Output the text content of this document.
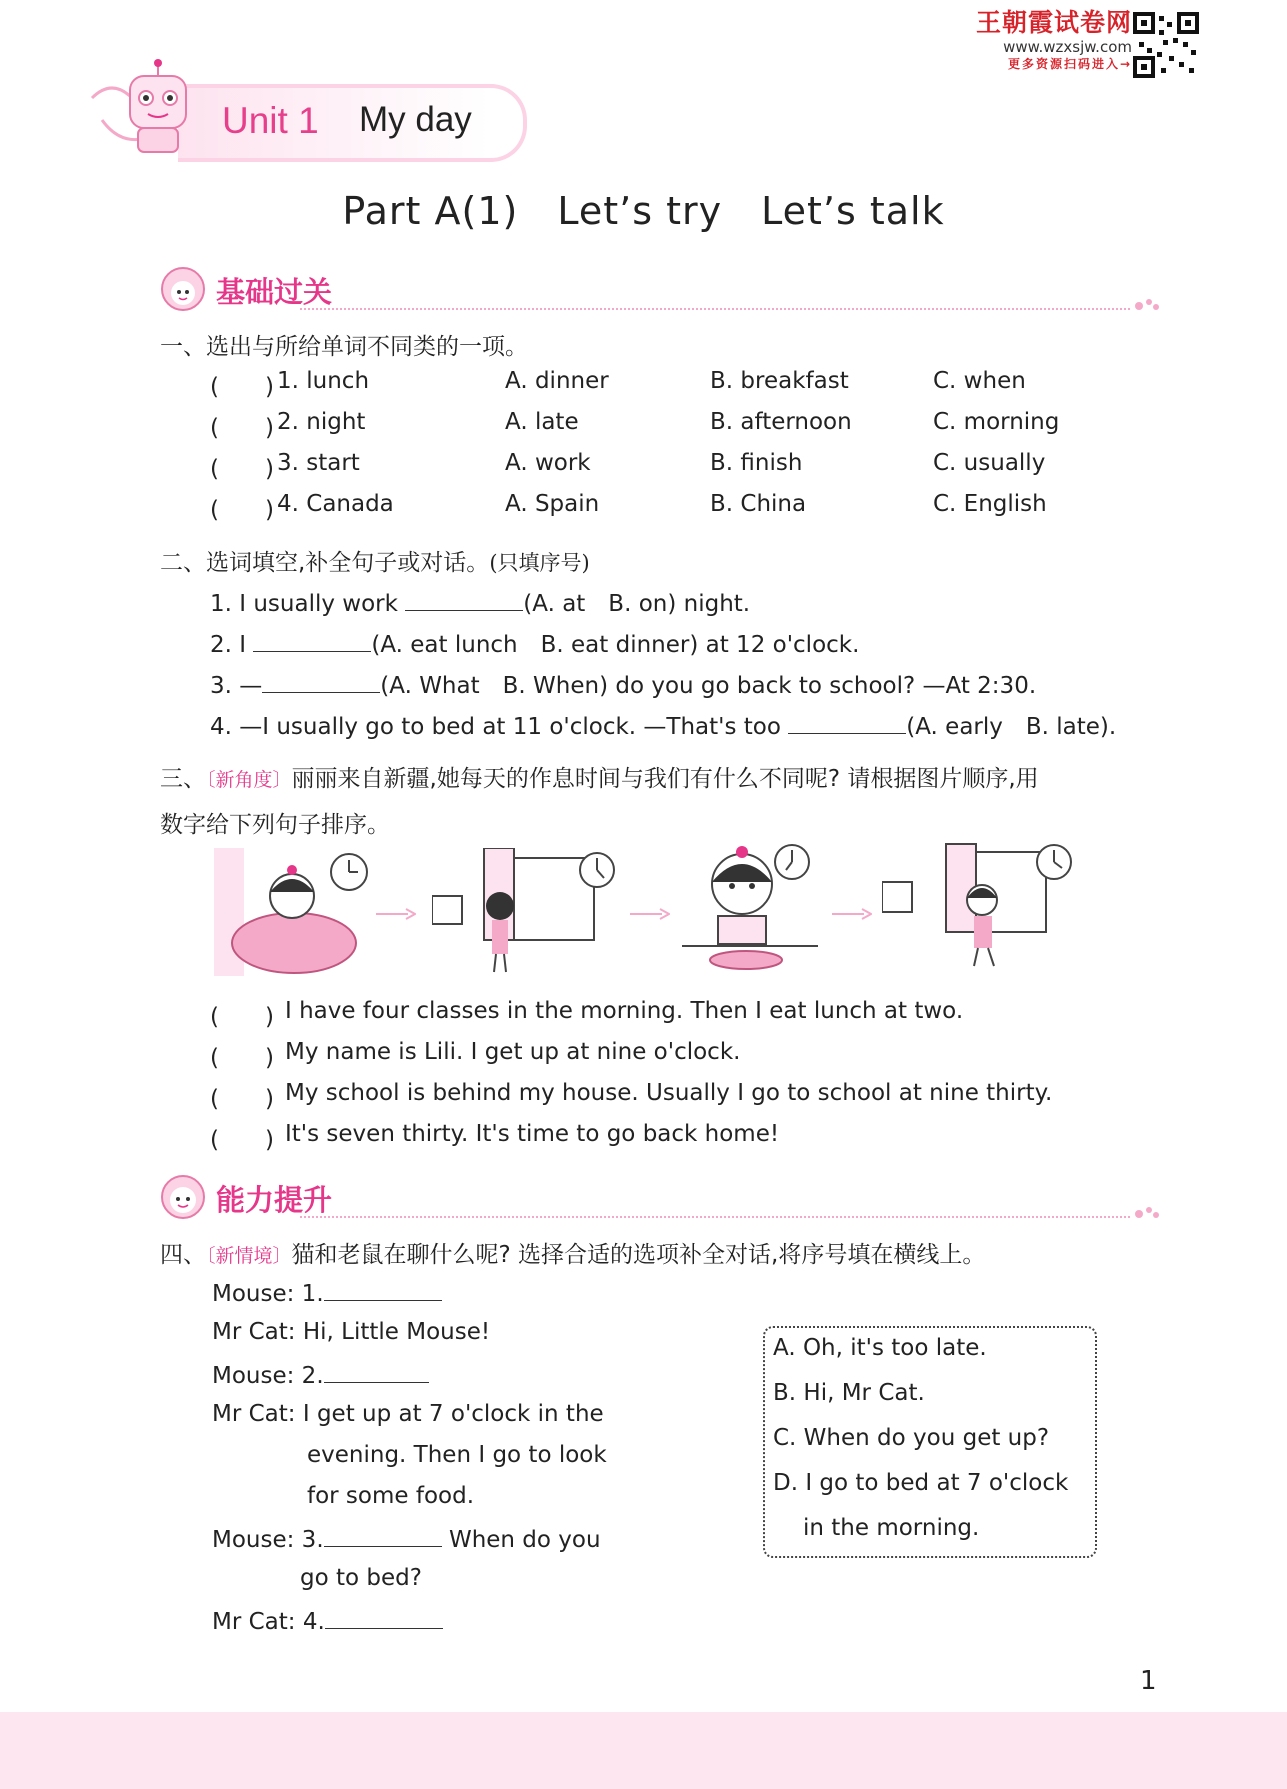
王朝霞试卷网
www.wzxsjw.com
更多资源扫码进入→
Unit 1 My day
Part A(1)　Let’s try　Let’s talk
基础过关
一、选出与所给单词不同类的一项。
(　　) 1. lunch	A. dinner	B. breakfast	C. when
(　　) 2. night	A. late	B. afternoon	C. morning
(　　) 3. start	A. work	B. finish	C. usually
(　　) 4. Canada	A. Spain	B. China	C. English
二、选词填空,补全句子或对话。(只填序号)
1. I usually work	(A. at　B. on) night.
2. I	(A. eat lunch　B. eat dinner) at 12 o'clock.
3. —	(A. What　B. When) do you go back to school? —At 2:30.
4. —I usually go to bed at 11 o'clock. —That's too	(A. early　B. late).
三、〔新角度〕丽丽来自新疆,她每天的作息时间与我们有什么不同呢? 请根据图片顺序,用
数字给下列句子排序。
(　　) I have four classes in the morning. Then I eat lunch at two.
(　　) My name is Lili. I get up at nine o'clock.
(　　) My school is behind my house. Usually I go to school at nine thirty.
(　　) It's seven thirty. It's time to go back home!
能力提升
四、〔新情境〕猫和老鼠在聊什么呢? 选择合适的选项补全对话,将序号填在横线上。
Mouse: 1.
Mr Cat: Hi, Little Mouse!
Mouse: 2.
Mr Cat: I get up at 7 o'clock in the
evening. Then I go to look
for some food.
Mouse: 3.	When do you
go to bed?
Mr Cat: 4.
A. Oh, it's too late.
B. Hi, Mr Cat.
C. When do you get up?
D. I go to bed at 7 o'clock
in the morning.
1
